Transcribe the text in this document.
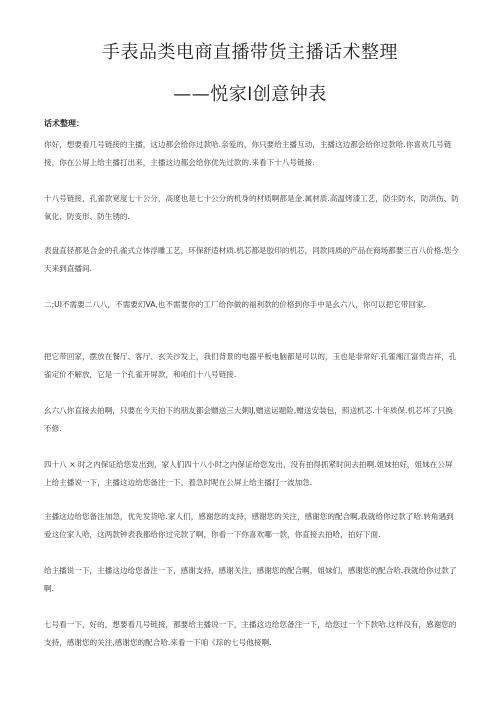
手表品类电商直播带货主播话术整理
——悦家l创意钟表
话术整理：

你好，想要看几号链接的主播，这边都会给你过款哈.亲爱的，你只要给主播互动，主播这边都会给你过款哈.你喜欢几号链接，你在公屏上给主播打出来，主播这边都会给你优先过款的.来看下十八号链接.

十八号链接，孔雀款宽度七十公分，高度也是七十公分的机身的材质啊都是金.属材质.高温烤漆工艺，防尘防水，防洪伤、防氧化、防变形、防生锈的.

表盘直径都是合金的孔雀式立体浮雕工艺，环保舒适材质.机芯都是胶印的机芯，同款同质的产品在商场都要三百八价格.您今天来到直播间.

二;UI不需要二八八，不需要幻VA,也不需要你的工厂给你做的福利款的价格到你手中是幺六八，你可以把它带回家.

把它带回家，摆放在餐厅、客厅、玄关沙发上，我们背景的电器平板电脑都是可以的，玉也是非常好.孔雀湘江富贵吉祥，孔雀定价不解放，它是一个孔雀开屏款，和咱们十八号链接.

幺六八你直接去拍啊，只要在今天拍下的朋友都会赠送三大粥IJ,赠送运题险,赠送安装包，照送机芯.十年质保.机芯坏了只换不修.

四十八 × 时之内保证给您发出到，家人们四十八小时之内保证给您发出，没有拍得抓紧时间去拍啊.姐妹拍好，姐妹在公屏上给主播说一下，主播这边给您备注一下。着急时呢在公屏上给主播打一波加急.

主播这边给您备注加急，优先发货哈.家人们，感谢您的支持，感谢您的关注，感谢您的配合啊,我就给你过款了哈.转角遇到爱这位家人哈，这两款钟表我都给你过完款了啊，你看一下你喜欢哪一款，你直接去拍哈，拍好下面.

给主播说一下，主播这边给您备注一下，感谢支持，感谢关注，感谢您的配合啊，姐妹们，感谢您的配合哈.我就给你过款了啊.

七号看一下，好的，想要看几号链接，都要给主播说一下，主播这边给您备注一下，给您过一个下款哈.这样没有，感谢您的支持，感谢您的关注,感谢您的配合哈.来看一下咱《琮的七号他接啊.
